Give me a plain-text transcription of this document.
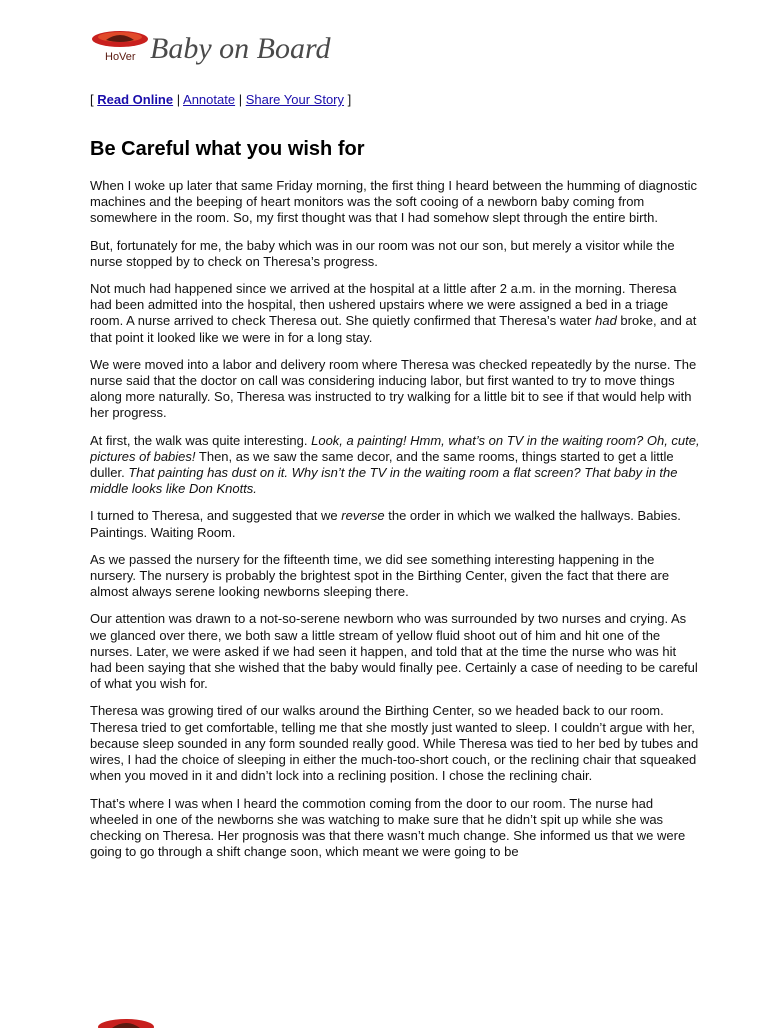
HoVer Baby on Board
[ Read Online | Annotate | Share Your Story ]
Be Careful what you wish for

When I woke up later that same Friday morning, the first thing I heard between the humming of diagnostic machines and the beeping of heart monitors was the soft cooing of a newborn baby coming from somewhere in the room. So, my first thought was that I had somehow slept through the entire birth.

But, fortunately for me, the baby which was in our room was not our son, but merely a visitor while the nurse stopped by to check on Theresa’s progress.

Not much had happened since we arrived at the hospital at a little after 2 a.m. in the morning. Theresa had been admitted into the hospital, then ushered upstairs where we were assigned a bed in a triage room. A nurse arrived to check Theresa out. She quietly confirmed that Theresa’s water had broke, and at that point it looked like we were in for a long stay.

We were moved into a labor and delivery room where Theresa was checked repeatedly by the nurse. The nurse said that the doctor on call was considering inducing labor, but first wanted to try to move things along more naturally. So, Theresa was instructed to try walking for a little bit to see if that would help with her progress.

At first, the walk was quite interesting. Look, a painting! Hmm, what’s on TV in the waiting room? Oh, cute, pictures of babies! Then, as we saw the same decor, and the same rooms, things started to get a little duller. That painting has dust on it. Why isn’t the TV in the waiting room a flat screen? That baby in the middle looks like Don Knotts.

I turned to Theresa, and suggested that we reverse the order in which we walked the hallways. Babies. Paintings. Waiting Room.

As we passed the nursery for the fifteenth time, we did see something interesting happening in the nursery. The nursery is probably the brightest spot in the Birthing Center, given the fact that there are almost always serene looking newborns sleeping there.

Our attention was drawn to a not-so-serene newborn who was surrounded by two nurses and crying. As we glanced over there, we both saw a little stream of yellow fluid shoot out of him and hit one of the nurses. Later, we were asked if we had seen it happen, and told that at the time the nurse who was hit had been saying that she wished that the baby would finally pee. Certainly a case of needing to be careful of what you wish for.

Theresa was growing tired of our walks around the Birthing Center, so we headed back to our room. Theresa tried to get comfortable, telling me that she mostly just wanted to sleep. I couldn’t argue with her, because sleep sounded in any form sounded really good. While Theresa was tied to her bed by tubes and wires, I had the choice of sleeping in either the much-too-short couch, or the reclining chair that squeaked when you moved in it and didn’t lock into a reclining position. I chose the reclining chair.

That’s where I was when I heard the commotion coming from the door to our room. The nurse had wheeled in one of the newborns she was watching to make sure that he didn’t spit up while she was checking on Theresa. Her prognosis was that there wasn’t much change. She informed us that we were going to go through a shift change soon, which meant we were going to be
